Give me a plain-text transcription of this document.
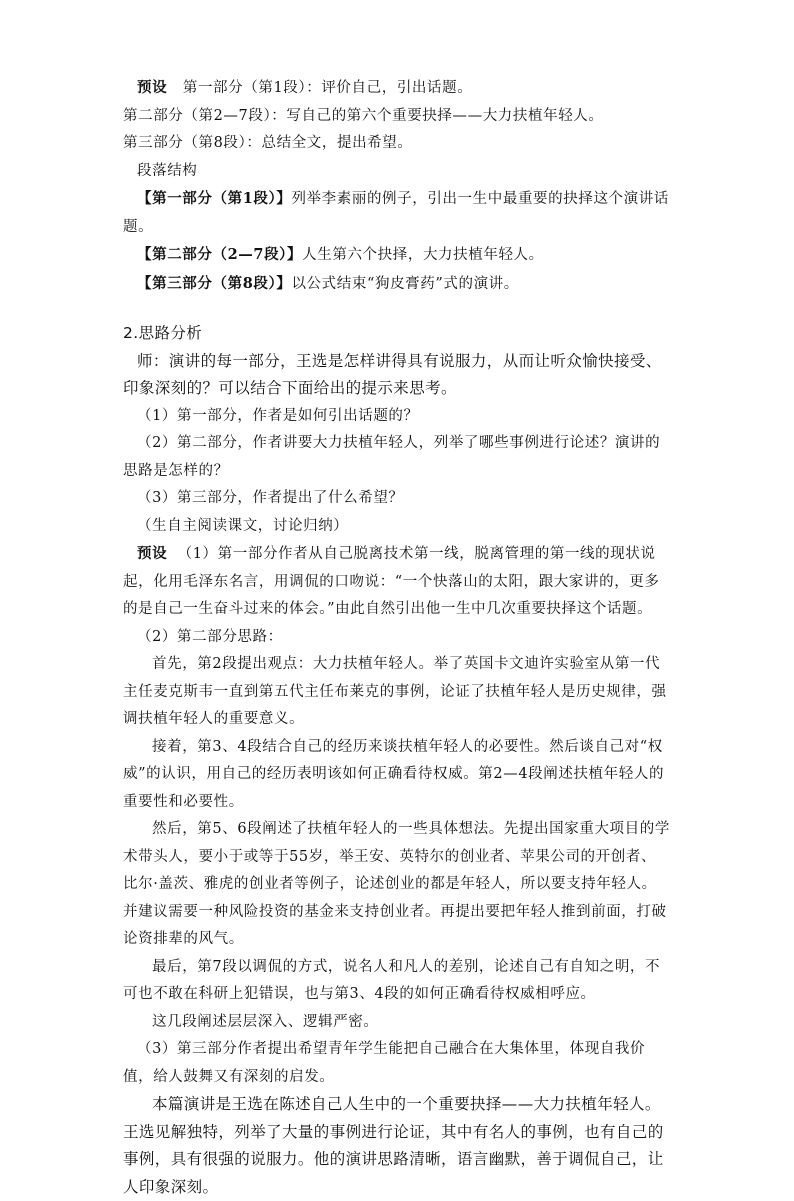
预设 第一部分（第1段）：评价自己，引出话题。

第二部分（第2—7段）：写自己的第六个重要抉择——大力扶植年轻人。

第三部分（第8段）：总结全文，提出希望。

段落结构

【第一部分（第1段）】列举李素丽的例子，引出一生中最重要的抉择这个演讲话题。

【第二部分（2—7段）】人生第六个抉择，大力扶植年轻人。

【第三部分（第8段）】以公式结束“狗皮膏药”式的演讲。

2.思路分析

师：演讲的每一部分，王选是怎样讲得具有说服力，从而让听众愉快接受、印象深刻的？可以结合下面给出的提示来思考。

（1）第一部分，作者是如何引出话题的？

（2）第二部分，作者讲要大力扶植年轻人，列举了哪些事例进行论述？演讲的思路是怎样的？

（3）第三部分，作者提出了什么希望？

（生自主阅读课文，讨论归纳）

预设 （1）第一部分作者从自己脱离技术第一线，脱离管理的第一线的现状说起，化用毛泽东名言，用调侃的口吻说：“一个快落山的太阳，跟大家讲的，更多的是自己一生奋斗过来的体会。”由此自然引出他一生中几次重要抉择这个话题。

（2）第二部分思路：

首先，第2段提出观点：大力扶植年轻人。举了英国卡文迪许实验室从第一代主任麦克斯韦一直到第五代主任布莱克的事例，论证了扶植年轻人是历史规律，强调扶植年轻人的重要意义。

接着，第3、4段结合自己的经历来谈扶植年轻人的必要性。然后谈自己对“权威”的认识，用自己的经历表明该如何正确看待权威。第2—4段阐述扶植年轻人的重要性和必要性。

然后，第5、6段阐述了扶植年轻人的一些具体想法。先提出国家重大项目的学术带头人，要小于或等于55岁，举王安、英特尔的创业者、苹果公司的开创者、比尔·盖茨、雅虎的创业者等例子，论述创业的都是年轻人，所以要支持年轻人。并建议需要一种风险投资的基金来支持创业者。再提出要把年轻人推到前面，打破论资排辈的风气。

最后，第7段以调侃的方式，说名人和凡人的差别，论述自己有自知之明，不可也不敢在科研上犯错误，也与第3、4段的如何正确看待权威相呼应。

这几段阐述层层深入、逻辑严密。

（3）第三部分作者提出希望青年学生能把自己融合在大集体里，体现自我价值，给人鼓舞又有深刻的启发。

本篇演讲是王选在陈述自己人生中的一个重要抉择——大力扶植年轻人。王选见解独特，列举了大量的事例进行论证，其中有名人的事例，也有自己的事例，具有很强的说服力。他的演讲思路清晰，语言幽默，善于调侃自己，让人印象深刻。
